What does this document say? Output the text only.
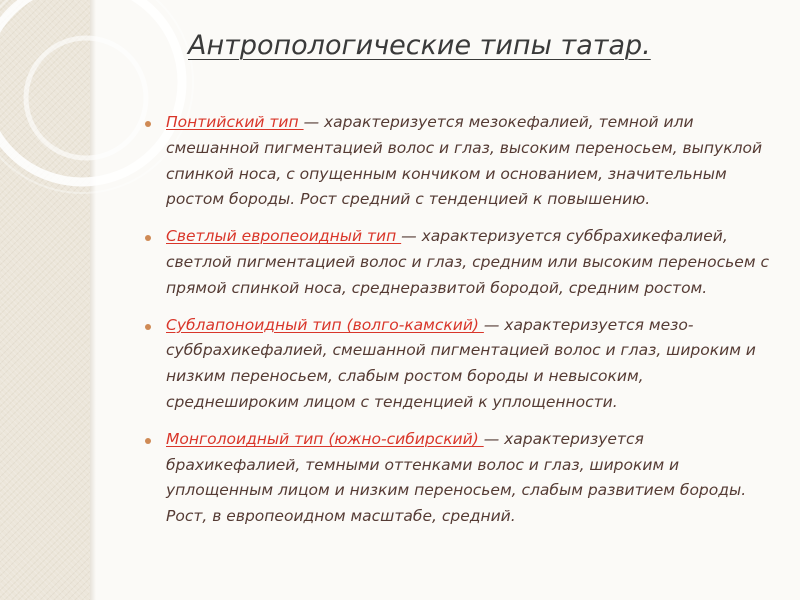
Антропологические типы татар.
Понтийский тип — характеризуется мезокефалией, темной или смешанной пигментацией волос и глаз, высоким переносьем, выпуклой спинкой носа, с опущенным кончиком и основанием, значительным ростом бороды. Рост средний с тенденцией к повышению.
Светлый европеоидный тип — характеризуется суббрахикефалией, светлой пигментацией волос и глаз, средним или высоким переносьем с прямой спинкой носа, среднеразвитой бородой, средним ростом.
Сублапоноидный тип (волго-камский) — характеризуется мезо-суббрахикефалией, смешанной пигментацией волос и глаз, широким и низким переносьем, слабым ростом бороды и невысоким, среднешироким лицом с тенденцией к уплощенности.
Монголоидный тип (южно-сибирский) — характеризуется брахикефалией, темными оттенками волос и глаз, широким и уплощенным лицом и низким переносьем, слабым развитием бороды. Рост, в европеоидном масштабе, средний.
